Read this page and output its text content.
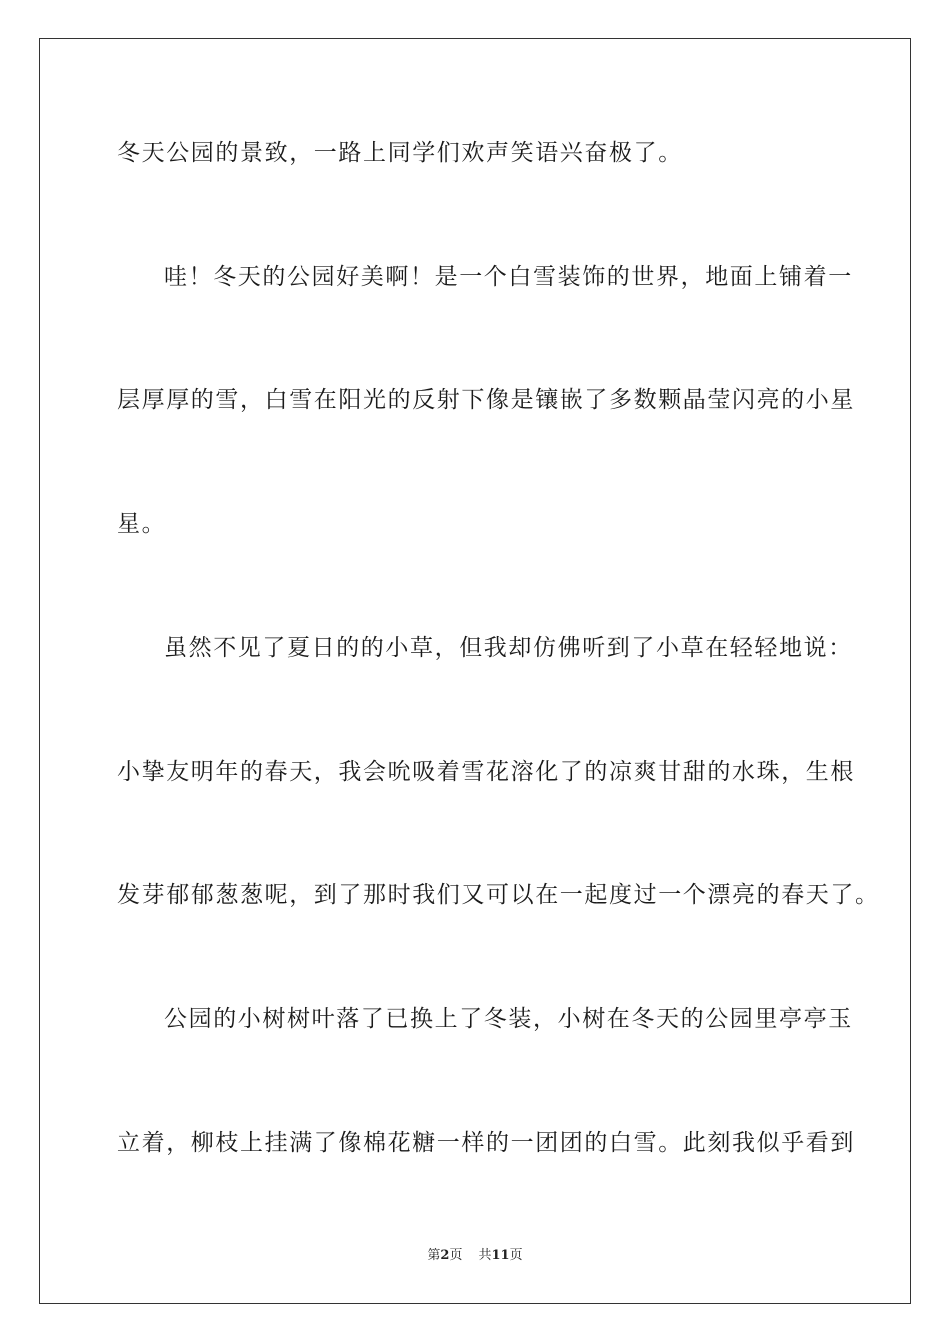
冬天公园的景致，一路上同学们欢声笑语兴奋极了。
哇！冬天的公园好美啊！是一个白雪装饰的世界，地面上铺着一
层厚厚的雪，白雪在阳光的反射下像是镶嵌了多数颗晶莹闪亮的小星
星。
虽然不见了夏日的的小草，但我却仿佛听到了小草在轻轻地说：
小挚友明年的春天，我会吮吸着雪花溶化了的凉爽甘甜的水珠，生根
发芽郁郁葱葱呢，到了那时我们又可以在一起度过一个漂亮的春天了。
公园的小树树叶落了已换上了冬装，小树在冬天的公园里亭亭玉
立着，柳枝上挂满了像棉花糖一样的一团团的白雪。此刻我似乎看到
第2页 共11页
